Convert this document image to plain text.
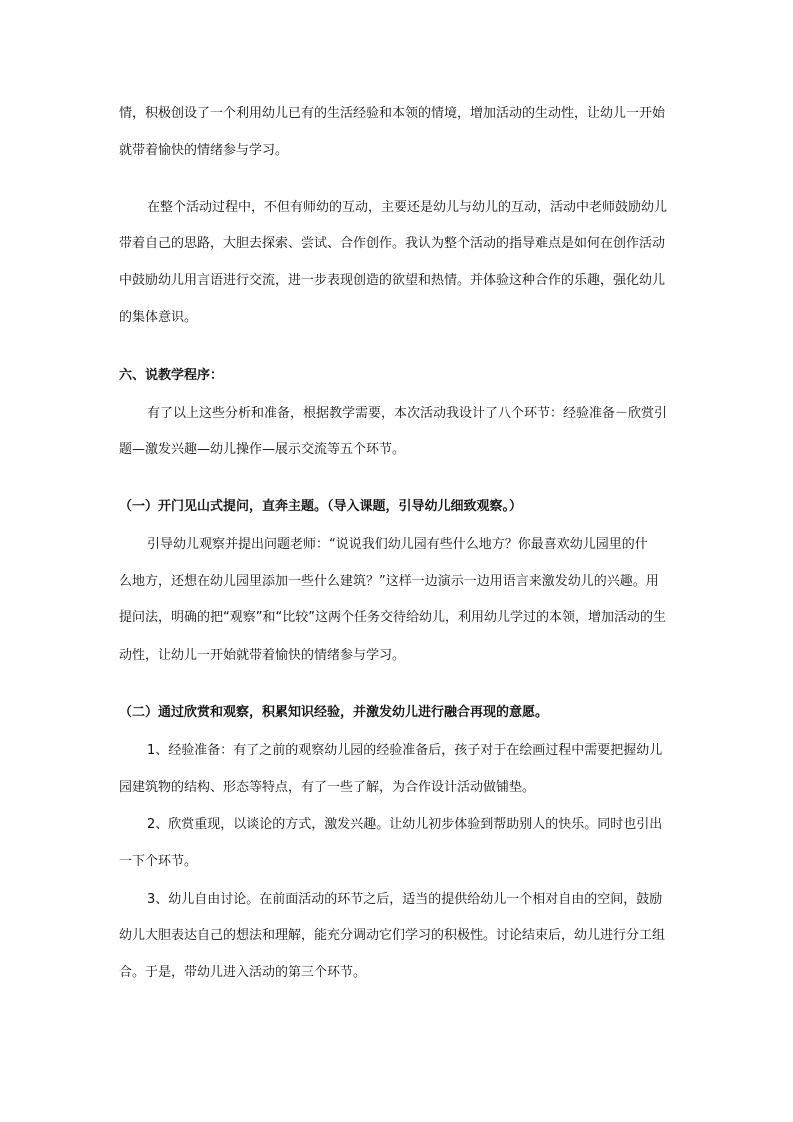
情，积极创设了一个利用幼儿已有的生活经验和本领的情境，增加活动的生动性，让幼儿一开始
就带着愉快的情绪参与学习。
在整个活动过程中，不但有师幼的互动，主要还是幼儿与幼儿的互动，活动中老师鼓励幼儿
带着自己的思路，大胆去探索、尝试、合作创作。我认为整个活动的指导难点是如何在创作活动
中鼓励幼儿用言语进行交流，进一步表现创造的欲望和热情。并体验这种合作的乐趣，强化幼儿
的集体意识。
六、说教学程序：
有了以上这些分析和准备，根据教学需要，本次活动我设计了八个环节：经验准备－欣赏引
题—激发兴趣—幼儿操作—展示交流等五个环节。
（一）开门见山式提问，直奔主题。（导入课题，引导幼儿细致观察。）
引导幼儿观察并提出问题老师：“说说我们幼儿园有些什么地方？你最喜欢幼儿园里的什
么地方，还想在幼儿园里添加一些什么建筑？”这样一边演示一边用语言来激发幼儿的兴趣。用
提问法，明确的把“观察”和“比较”这两个任务交待给幼儿，利用幼儿学过的本领，增加活动的生
动性，让幼儿一开始就带着愉快的情绪参与学习。
（二）通过欣赏和观察，积累知识经验，并激发幼儿进行融合再现的意愿。
1、经验准备：有了之前的观察幼儿园的经验准备后，孩子对于在绘画过程中需要把握幼儿
园建筑物的结构、形态等特点，有了一些了解，为合作设计活动做铺垫。
2、欣赏重现，以谈论的方式，激发兴趣。让幼儿初步体验到帮助别人的快乐。同时也引出
一下个环节。
3、幼儿自由讨论。在前面活动的环节之后，适当的提供给幼儿一个相对自由的空间，鼓励
幼儿大胆表达自己的想法和理解，能充分调动它们学习的积极性。讨论结束后，幼儿进行分工组
合。于是，带幼儿进入活动的第三个环节。
